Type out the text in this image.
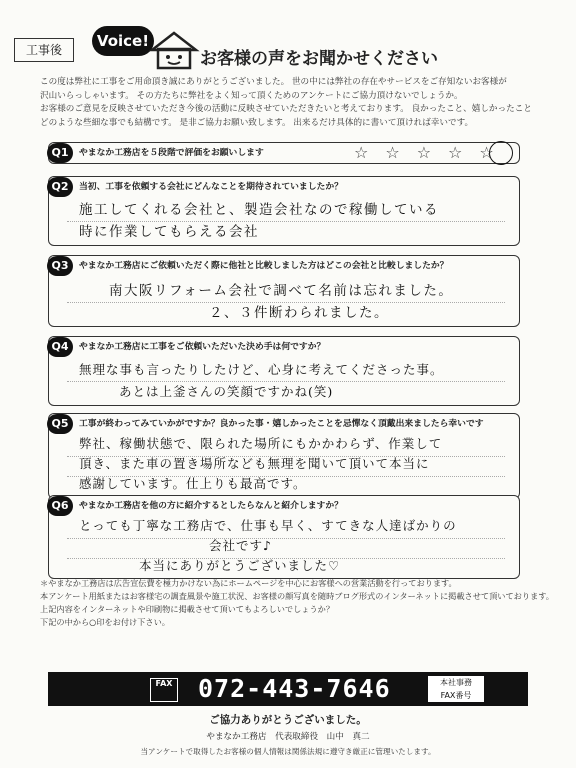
工事後	Voice!
お客様の声をお聞かせください

この度は弊社に工事をご用命頂き誠にありがとうございました。 世の中には弊社の存在やサービスをご存知ないお客様が

沢山いらっしゃいます。 その方たちに弊社をよく知って頂くためのアンケートにご協力頂けないでしょうか。

お客様のご意見を反映させていただき今後の活動に反映させていただきたいと考えております。 良かったこと、嬉しかったこと

どのような些細な事でも結構です。 是非ご協力お願い致します。 出来るだけ具体的に書いて頂ければ幸いです。

Q1	やまなか工務店を５段階で評価をお願いします	☆☆☆☆☆
Q2	当初、工事を依頼する会社にどんなことを期待されていましたか？
施工してくれる会社と、製造会社なので稼働している
時に作業してもらえる会社
Q3	やまなか工務店にご依頼いただく際に他社と比較しました方はどこの会社と比較しましたか？
南大阪リフォーム会社で調べて名前は忘れました。
２、３件断わられました。
Q4	やまなか工務店に工事をご依頼いただいた決め手は何ですか？
無理な事も言ったりしたけど、心身に考えてくださった事。
あとは上釜さんの笑顔ですかね(笑)
Q5	工事が終わってみていかがですか？良かった事・嬉しかったことを忌憚なく頂戴出来ましたら幸いです
弊社、稼働状態で、限られた場所にもかかわらず、作業して
頂き、また車の置き場所なども無理を聞いて頂いて本当に
感謝しています。仕上りも最高です。
Q6	やまなか工務店を他の方に紹介するとしたらなんと紹介しますか？
とっても丁寧な工務店で、仕事も早く、すてきな人達ばかりの
会社です♪
本当にありがとうございました♡
＊やまなか工務店は広告宣伝費を極力かけない為にホームページを中心にお客様への営業活動を行っております。
本アンケート用紙またはお客様宅の調査風景や施工状況、お客様の顔写真を随時ブログ形式のインターネットに掲載させて頂いております。
上記内容をインターネットや印刷物に掲載させて頂いてもよろしいでしょうか？
下記の中から○印をお付け下さい。
FAX 072-443-7646	本社事務
FAX番号
ご協力ありがとうございました。
やまなか工務店　代表取締役　山中　真二
当アンケートで取得したお客様の個人情報は関係法規に遵守き厳正に管理いたします。
